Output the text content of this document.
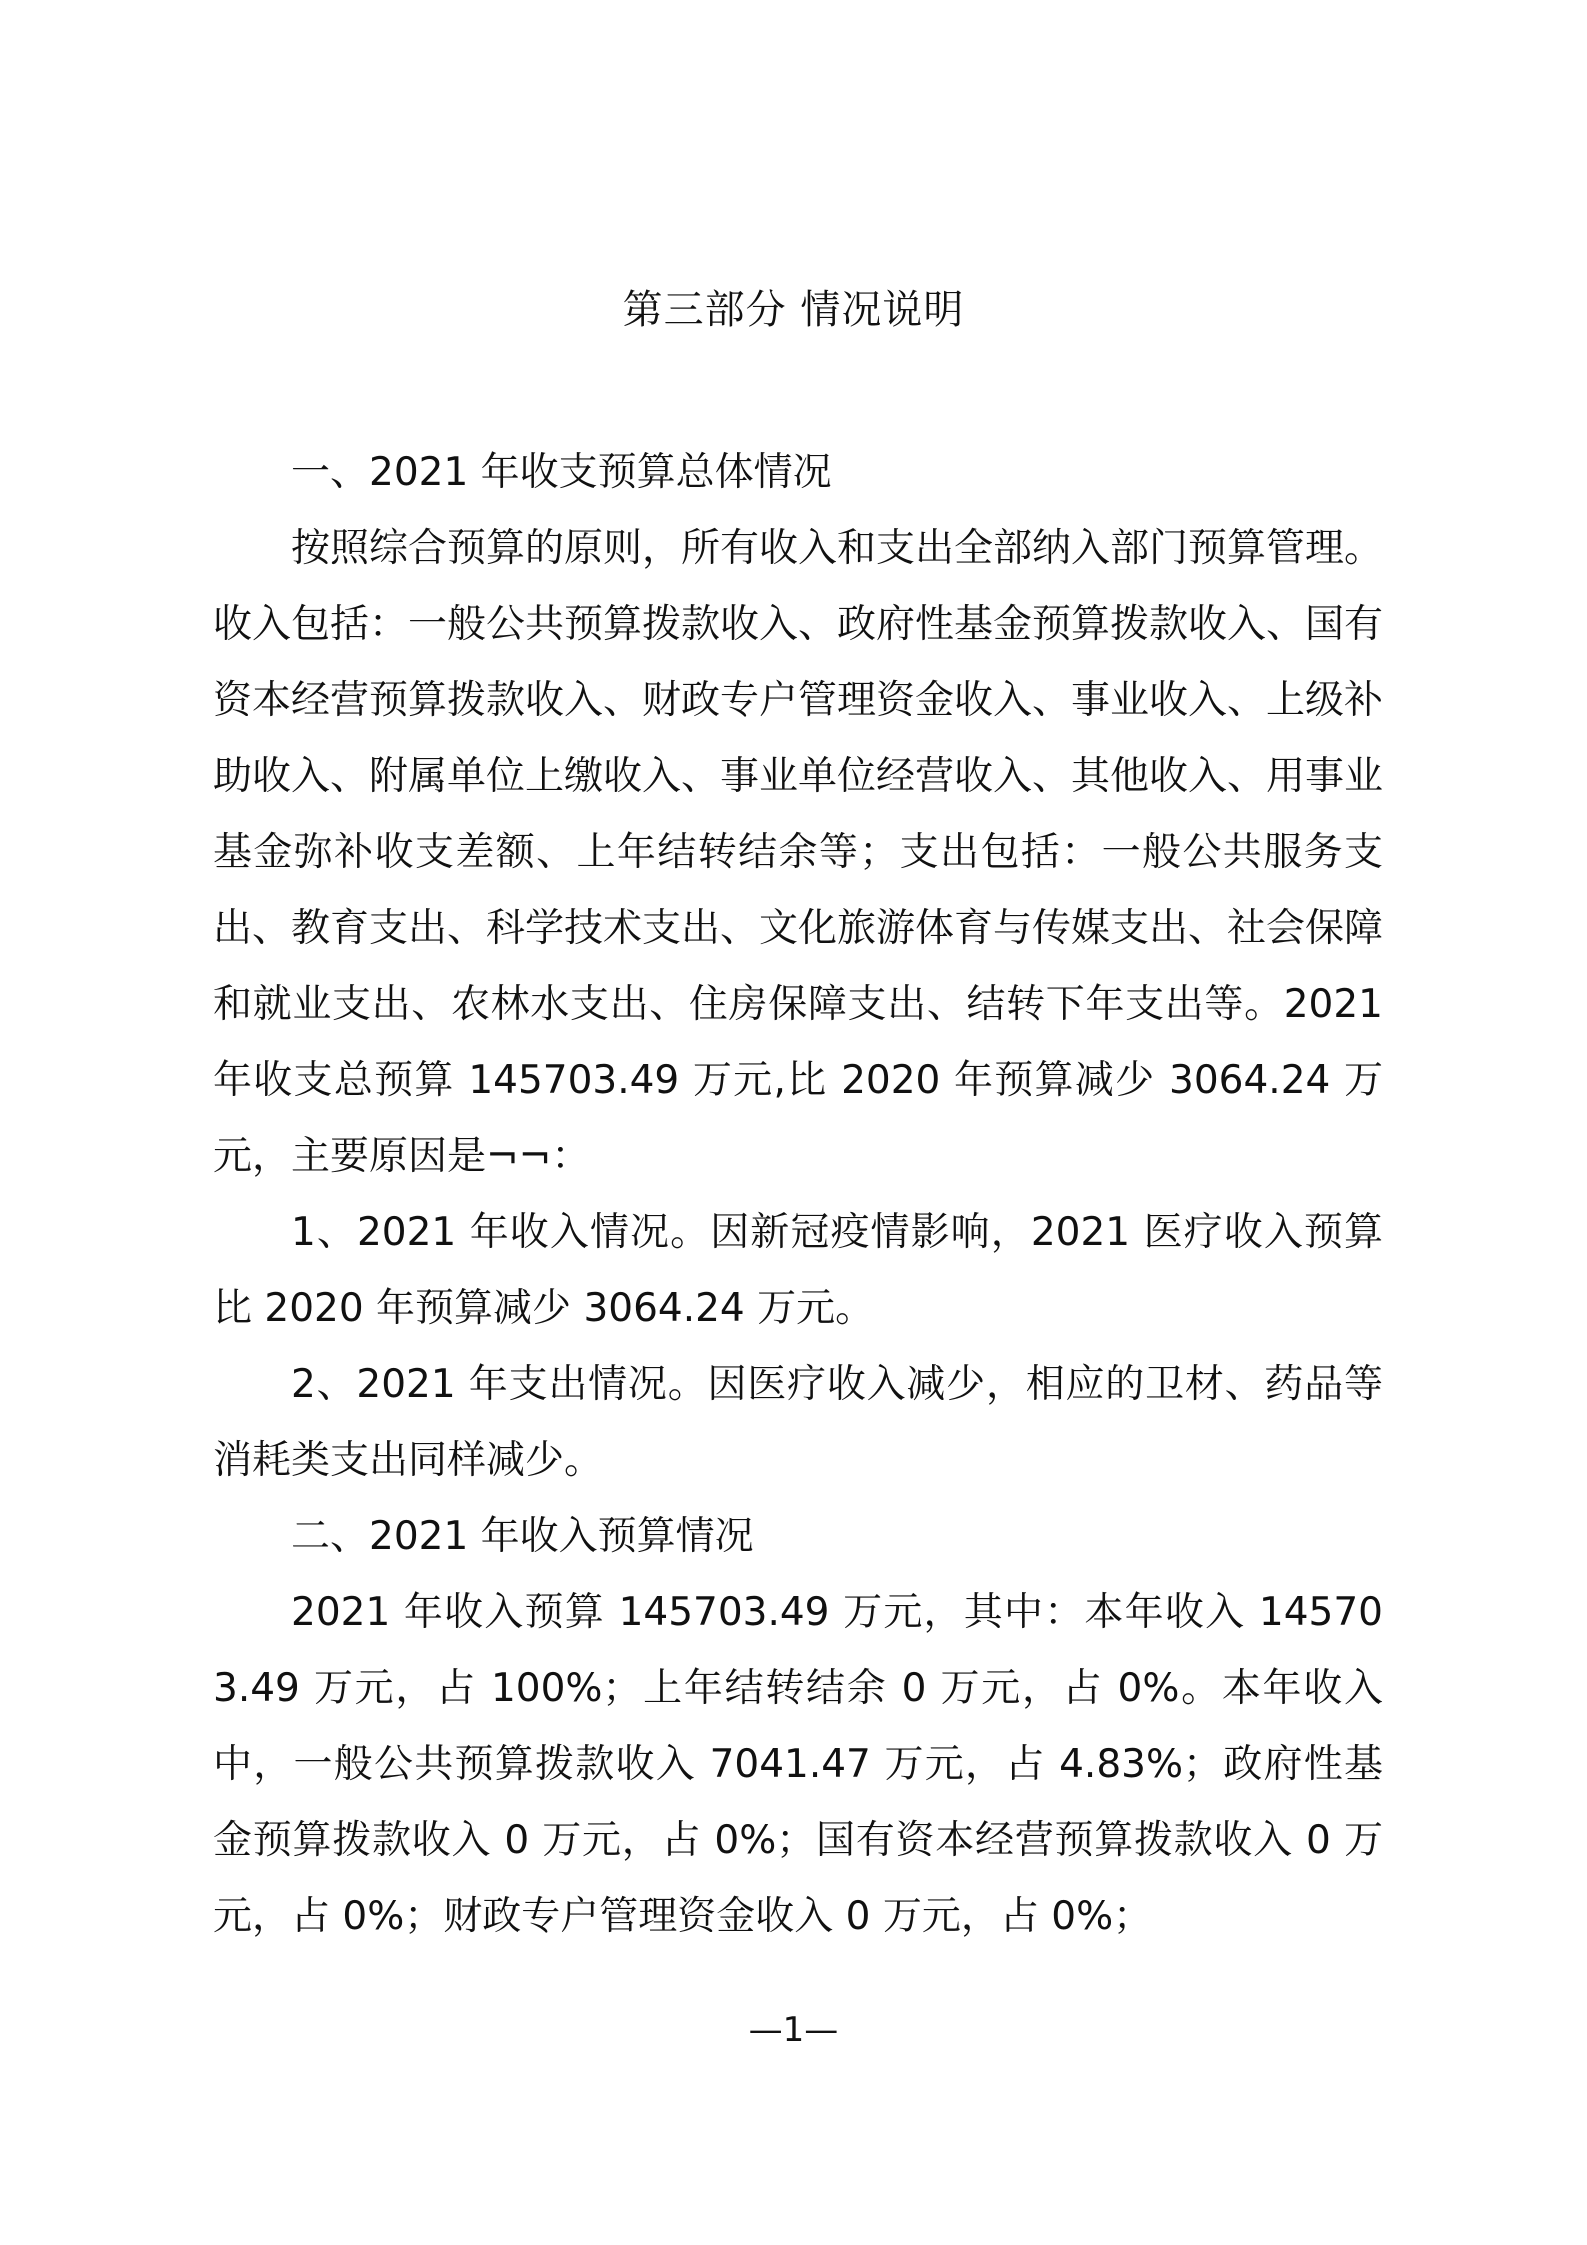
第三部分 情况说明

一、2021 年收支预算总体情况

按照综合预算的原则，所有收入和支出全部纳入部门预算管理。收入包括：一般公共预算拨款收入、政府性基金预算拨款收入、国有资本经营预算拨款收入、财政专户管理资金收入、事业收入、上级补助收入、附属单位上缴收入、事业单位经营收入、其他收入、用事业基金弥补收支差额、上年结转结余等；支出包括：一般公共服务支出、教育支出、科学技术支出、文化旅游体育与传媒支出、社会保障和就业支出、农林水支出、住房保障支出、结转下年支出等。2021 年收支总预算 145703.49 万元,比 2020 年预算减少 3064.24 万元，主要原因是¬¬：

1、2021 年收入情况。因新冠疫情影响，2021 医疗收入预算比 2020 年预算减少 3064.24 万元。

2、2021 年支出情况。因医疗收入减少，相应的卫材、药品等消耗类支出同样减少。

二、2021 年收入预算情况

2021 年收入预算 145703.49 万元，其中：本年收入 145703.49 万元，占 100%；上年结转结余 0 万元，占 0%。本年收入中，一般公共预算拨款收入 7041.47 万元，占 4.83%；政府性基金预算拨款收入 0 万元，占 0%；国有资本经营预算拨款收入 0 万元，占 0%；财政专户管理资金收入 0 万元，占 0%；

—1—
